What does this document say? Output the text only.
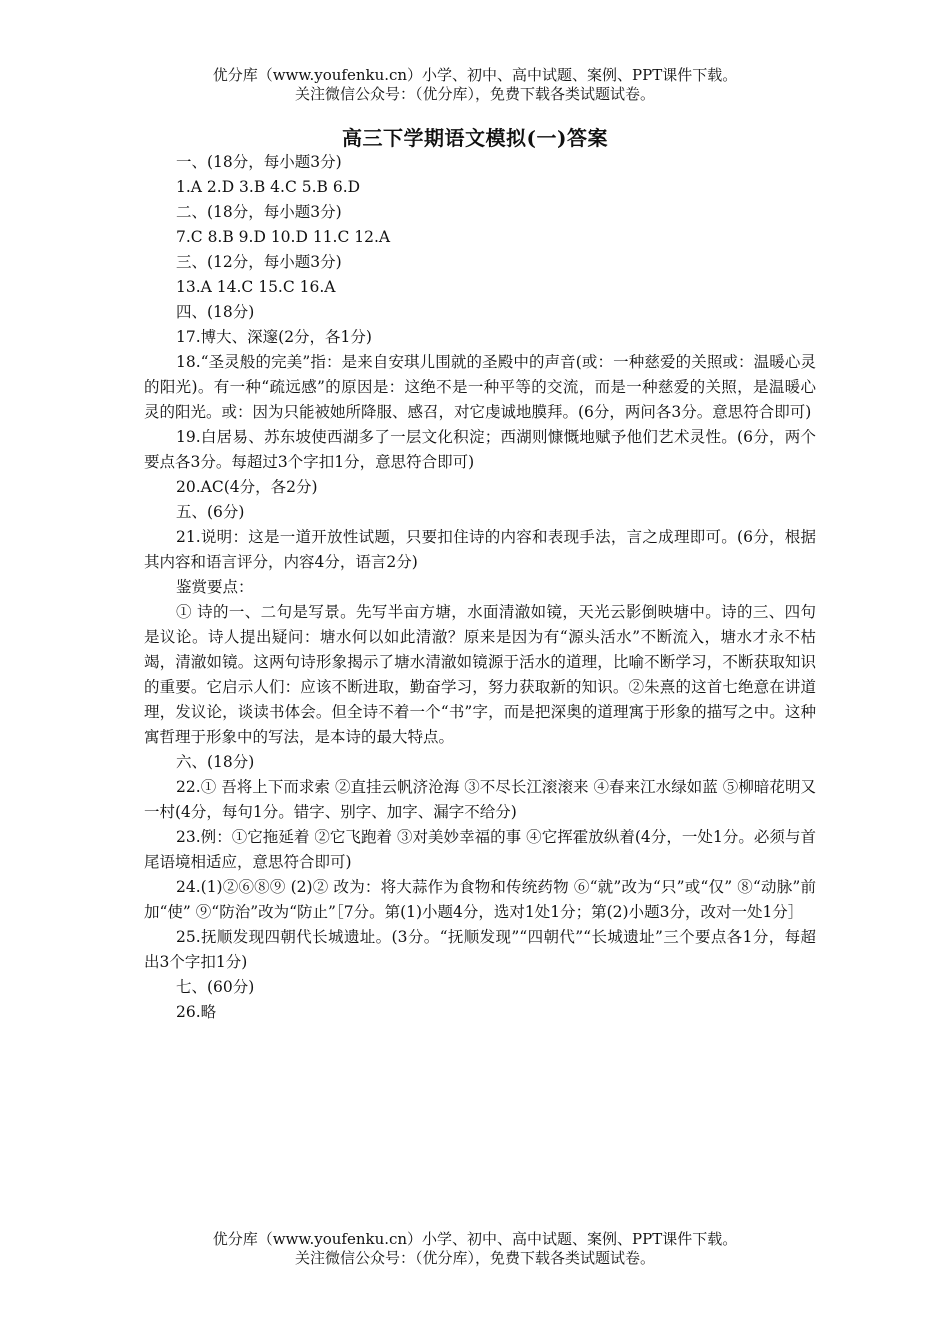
优分库（www.youfenku.cn）小学、初中、高中试题、案例、PPT课件下载。
关注微信公众号：（优分库），免费下载各类试题试卷。
高三下学期语文模拟(一)答案

一、(18分，每小题3分)

1.A 2.D 3.B 4.C 5.B 6.D

二、(18分，每小题3分)

7.C 8.B 9.D 10.D 11.C 12.A

三、(12分，每小题3分)

13.A 14.C 15.C 16.A

四、(18分)

17.博大、深邃(2分，各1分)

18.“圣灵般的完美”指：是来自安琪儿围就的圣殿中的声音(或：一种慈爱的关照或：温暖心灵的阳光)。有一种“疏远感”的原因是：这绝不是一种平等的交流，而是一种慈爱的关照，是温暖心灵的阳光。或：因为只能被她所降服、感召，对它虔诚地膜拜。(6分，两问各3分。意思符合即可)

19.白居易、苏东坡使西湖多了一层文化积淀；西湖则慷慨地赋予他们艺术灵性。(6分，两个要点各3分。每超过3个字扣1分，意思符合即可)

20.AC(4分，各2分)

五、(6分)

21.说明：这是一道开放性试题，只要扣住诗的内容和表现手法，言之成理即可。(6分，根据其内容和语言评分，内容4分，语言2分)

鉴赏要点：

① 诗的一、二句是写景。先写半亩方塘，水面清澈如镜，天光云影倒映塘中。诗的三、四句是议论。诗人提出疑问：塘水何以如此清澈？原来是因为有“源头活水”不断流入，塘水才永不枯竭，清澈如镜。这两句诗形象揭示了塘水清澈如镜源于活水的道理，比喻不断学习，不断获取知识的重要。它启示人们：应该不断进取，勤奋学习，努力获取新的知识。②朱熹的这首七绝意在讲道理，发议论，谈读书体会。但全诗不着一个“书”字，而是把深奥的道理寓于形象的描写之中。这种寓哲理于形象中的写法，是本诗的最大特点。

六、(18分)

22.① 吾将上下而求索 ②直挂云帆济沧海 ③不尽长江滚滚来 ④春来江水绿如蓝 ⑤柳暗花明又一村(4分，每句1分。错字、别字、加字、漏字不给分)

23.例：①它拖延着 ②它飞跑着 ③对美妙幸福的事 ④它挥霍放纵着(4分，一处1分。必须与首尾语境相适应，意思符合即可)

24.(1)②⑥⑧⑨ (2)② 改为：将大蒜作为食物和传统药物 ⑥“就”改为“只”或“仅” ⑧“动脉”前加“使” ⑨“防治”改为“防止”［7分。第(1)小题4分，选对1处1分；第(2)小题3分，改对一处1分］

25.抚顺发现四朝代长城遗址。(3分。“抚顺发现”“四朝代”“长城遗址”三个要点各1分，每超出3个字扣1分)

七、(60分)

26.略

优分库（www.youfenku.cn）小学、初中、高中试题、案例、PPT课件下载。
关注微信公众号：（优分库），免费下载各类试题试卷。
